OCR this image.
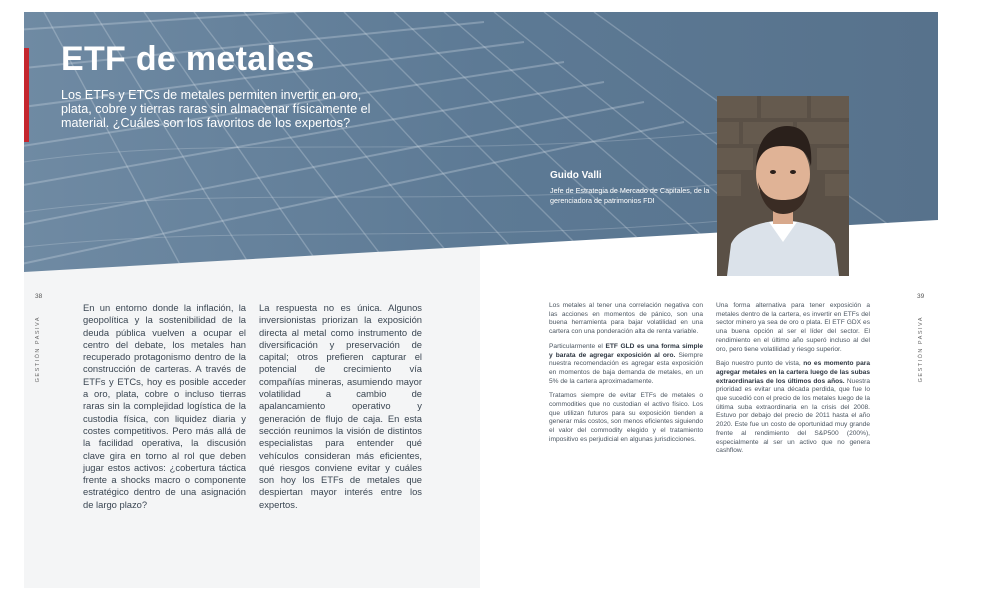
ETF de metales

Los ETFs y ETCs de metales permiten invertir en oro, plata, cobre y tierras raras sin almacenar físicamente el material. ¿Cuáles son los favoritos de los expertos?

Guido Valli

Jefe de Estrategia de Mercado de Capitales, de la gerenciadora de patrimonios FDI

38
GESTIÓN PASIVA
39
GESTIÓN PASIVA

En un entorno donde la inflación, la geopolítica y la sostenibilidad de la deuda pública vuelven a ocupar el centro del debate, los metales han recuperado protagonismo dentro de la construcción de carteras. A través de ETFs y ETCs, hoy es posible acceder a oro, plata, cobre o incluso tierras raras sin la complejidad logística de la custodia física, con liquidez diaria y costes competitivos. Pero más allá de la facilidad operativa, la discusión clave gira en torno al rol que deben jugar estos activos: ¿cobertura táctica frente a shocks macro o componente estratégico dentro de una asignación de largo plazo?

La respuesta no es única. Algunos inversionistas priorizan la exposición directa al metal como instrumento de diversificación y preservación de capital; otros prefieren capturar el potencial de crecimiento vía compañías mineras, asumiendo mayor volatilidad a cambio de apalancamiento operativo y generación de flujo de caja. En esta sección reunimos la visión de distintos especialistas para entender qué vehículos consideran más eficientes, qué riesgos conviene evitar y cuáles son hoy los ETFs de metales que despiertan mayor interés entre los expertos.

Los metales al tener una correlación negativa con las acciones en momentos de pánico, son una buena herramienta para bajar volatilidad en una cartera con una ponderación alta de renta variable.

Particularmente el ETF GLD es una forma simple y barata de agregar exposición al oro. Siempre nuestra recomendación es agregar esta exposición en momentos de baja demanda de metales, en un 5% de la cartera aproximadamente.

Tratamos siempre de evitar ETFs de metales o commodities que no custodian el activo físico. Los que utilizan futuros para su exposición tienden a generar más costos, son menos eficientes siguiendo el valor del commodity elegido y el tratamiento impositivo es perjudicial en algunas jurisdicciones.

Una forma alternativa para tener exposición a metales dentro de la cartera, es invertir en ETFs del sector minero ya sea de oro o plata. El ETF GDX es una buena opción al ser el líder del sector. El rendimiento en el último año superó incluso al del oro, pero tiene volatilidad y riesgo superior.

Bajo nuestro punto de vista, no es momento para agregar metales en la cartera luego de las subas extraordinarias de los últimos dos años. Nuestra prioridad es evitar una década perdida, que fue lo que sucedió con el precio de los metales luego de la última suba extraordinaria en la crisis del 2008. Estuvo por debajo del precio de 2011 hasta el año 2020. Este fue un costo de oportunidad muy grande frente al rendimiento del S&P500 (200%), especialmente al ser un activo que no genera cashflow.
